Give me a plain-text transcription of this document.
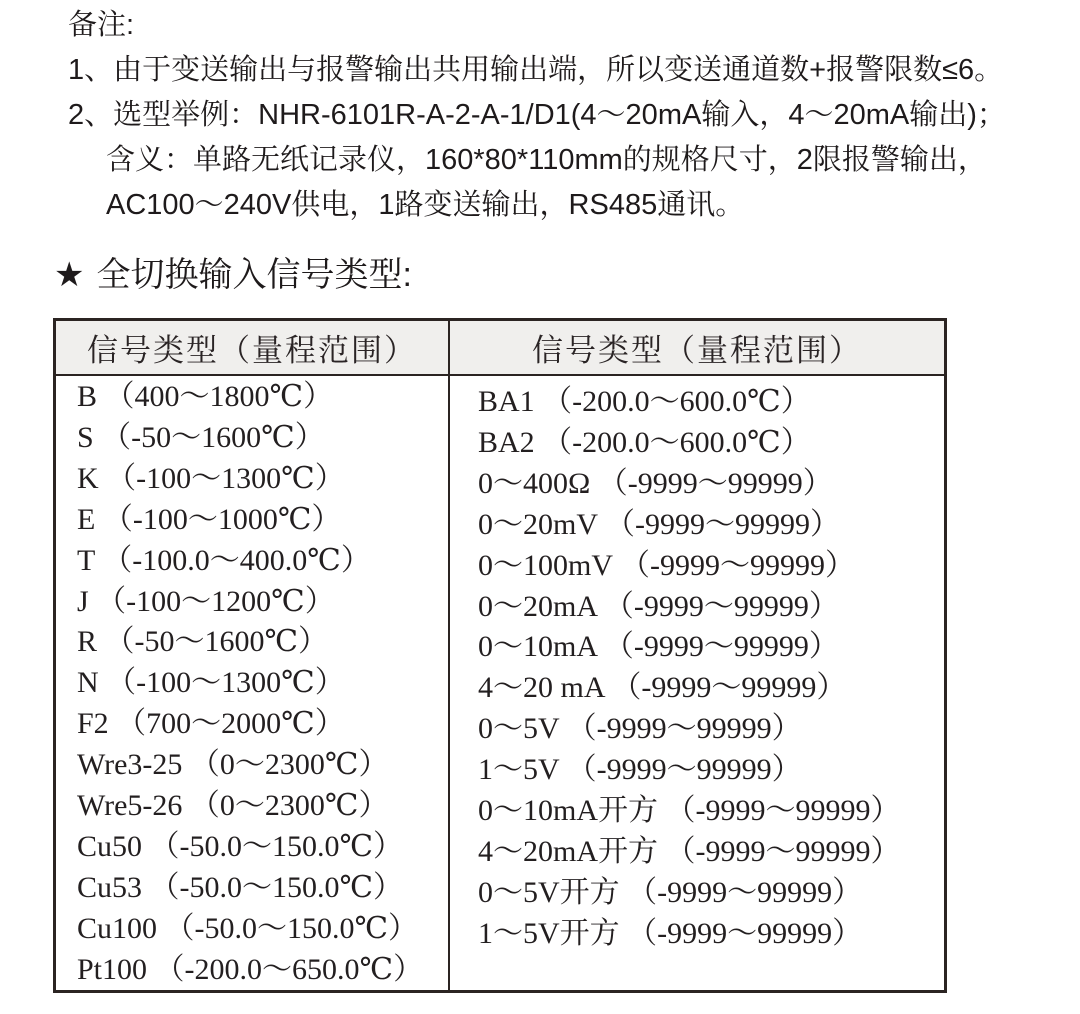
备注:
1、由于变送输出与报警输出共用输出端，所以变送通道数+报警限数≤6。
2、选型举例：NHR-6101R-A-2-A-1/D1(4～20mA输入，4～20mA输出)；
含义：单路无纸记录仪，160*80*110mm的规格尺寸，2限报警输出，
AC100～240V供电，1路变送输出，RS485通讯。
★ 全切换输入信号类型:
信号类型（量程范围）	信号类型（量程范围）
B （400～1800℃）
S （-50～1600℃）
K （-100～1300℃）
E （-100～1000℃）
T （-100.0～400.0℃）
J （-100～1200℃）
R （-50～1600℃）
N （-100～1300℃）
F2 （700～2000℃）
Wre3-25 （0～2300℃）
Wre5-26 （0～2300℃）
Cu50 （-50.0～150.0℃）
Cu53 （-50.0～150.0℃）
Cu100 （-50.0～150.0℃）
Pt100 （-200.0～650.0℃）
BA1 （-200.0～600.0℃）
BA2 （-200.0～600.0℃）
0～400Ω （-9999～99999）
0～20mV （-9999～99999）
0～100mV （-9999～99999）
0～20mA （-9999～99999）
0～10mA （-9999～99999）
4～20 mA （-9999～99999）
0～5V （-9999～99999）
1～5V （-9999～99999）
0～10mA开方 （-9999～99999）
4～20mA开方 （-9999～99999）
0～5V开方 （-9999～99999）
1～5V开方 （-9999～99999）
